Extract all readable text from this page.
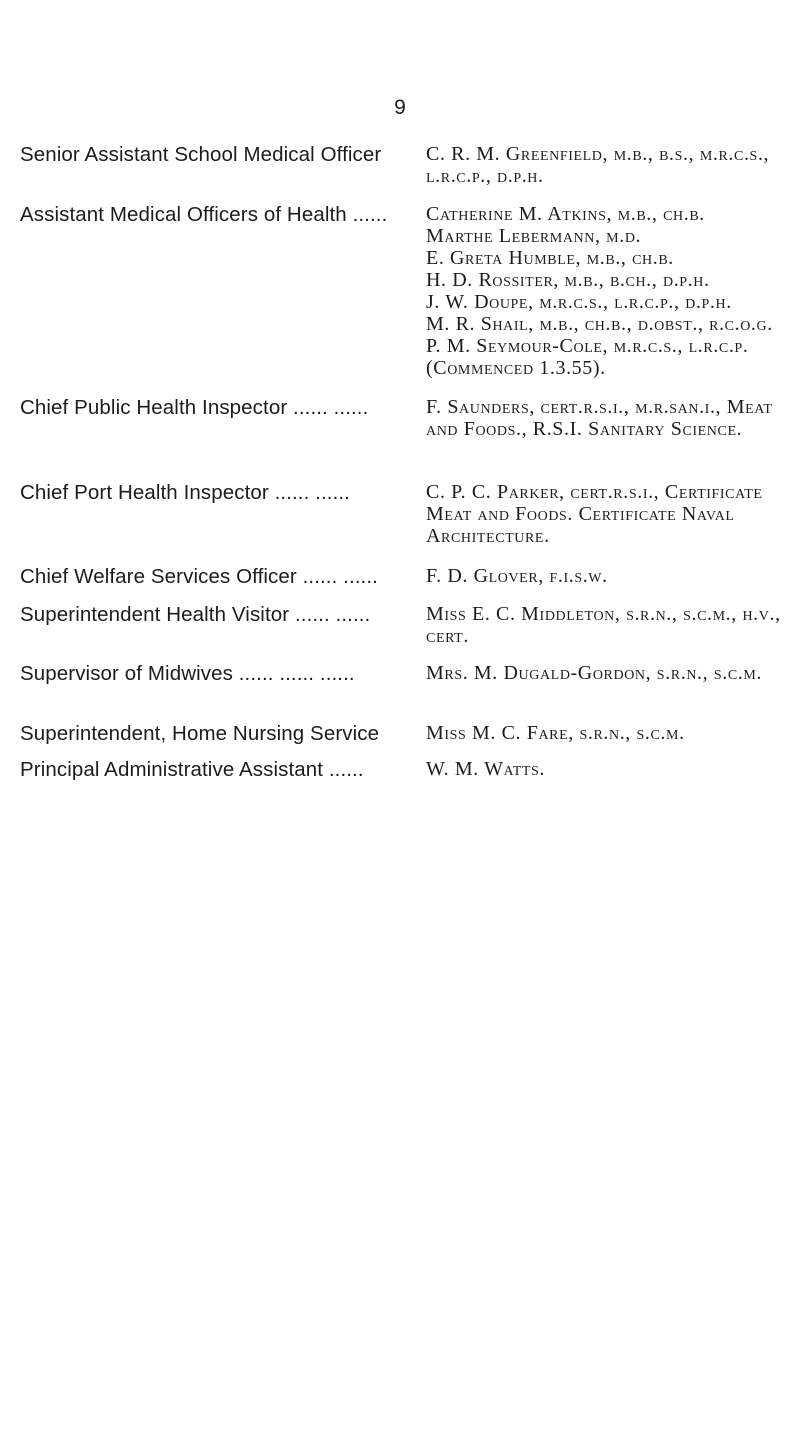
9
Senior Assistant School Medical Officer	C. R. M. Greenfield, m.b., b.s., m.r.c.s., l.r.c.p., d.p.h.
Assistant Medical Officers of Health ......	Catherine M. Atkins, m.b., ch.b.
Marthe Lebermann, m.d.
E. Greta Humble, m.b., ch.b.
H. D. Rossiter, m.b., b.ch., d.p.h.
J. W. Doupe, m.r.c.s., l.r.c.p., d.p.h.
M. R. Shail, m.b., ch.b., d.obst., r.c.o.g.
P. M. Seymour-Cole, m.r.c.s., l.r.c.p. (Commenced 1.3.55).
Chief Public Health Inspector ...... ......	F. Saunders, cert.r.s.i., m.r.san.i., Meat and Foods., R.S.I. Sanitary Science.
Chief Port Health Inspector ...... ......	C. P. C. Parker, cert.r.s.i., Certificate Meat and Foods. Certificate Naval Architecture.
Chief Welfare Services Officer ...... ......	F. D. Glover, f.i.s.w.
Superintendent Health Visitor ...... ......	Miss E. C. Middleton, s.r.n., s.c.m., h.v., cert.
Supervisor of Midwives ...... ...... ......	Mrs. M. Dugald-Gordon, s.r.n., s.c.m.
Superintendent, Home Nursing Service	Miss M. C. Fare, s.r.n., s.c.m.
Principal Administrative Assistant ......	W. M. Watts.
